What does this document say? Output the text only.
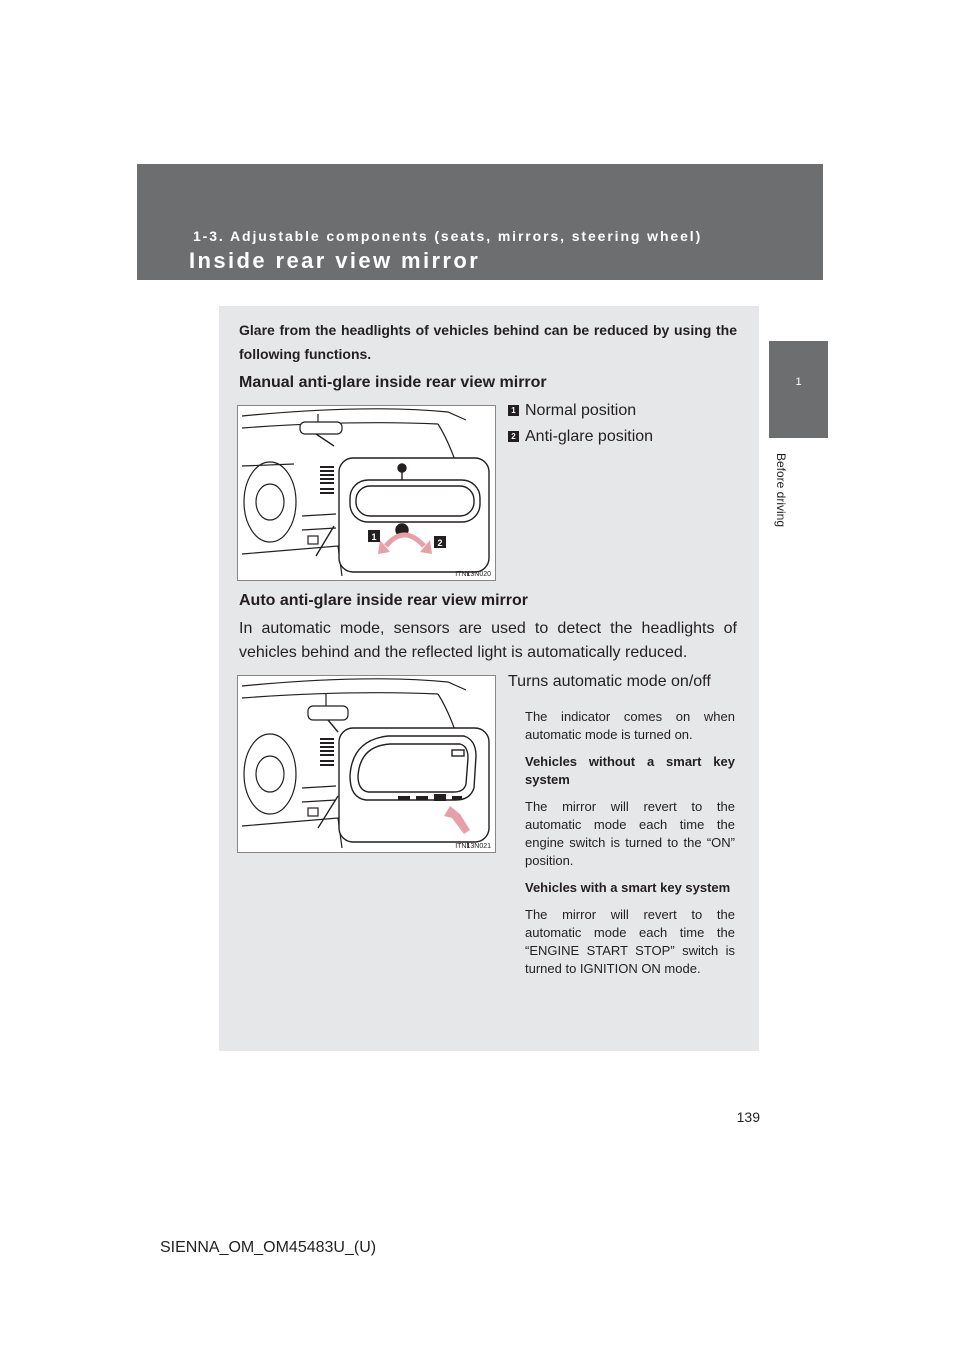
1-3. Adjustable components (seats, mirrors, steering wheel)
Inside rear view mirror
1
Before driving
Glare from the headlights of vehicles behind can be reduced by using the following functions.
Manual anti-glare inside rear view mirror
1
2
ITN13N020
1 Normal position
2 Anti-glare position
Auto anti-glare inside rear view mirror
In automatic mode, sensors are used to detect the headlights of vehicles behind and the reflected light is automatically reduced.
ITN13N021
Turns automatic mode on/off

The indicator comes on when automatic mode is turned on.

Vehicles without a smart key system

The mirror will revert to the automatic mode each time the engine switch is turned to the “ON” position.

Vehicles with a smart key system

The mirror will revert to the automatic mode each time the “ENGINE START STOP” switch is turned to IGNITION ON mode.

139
SIENNA_OM_OM45483U_(U)
